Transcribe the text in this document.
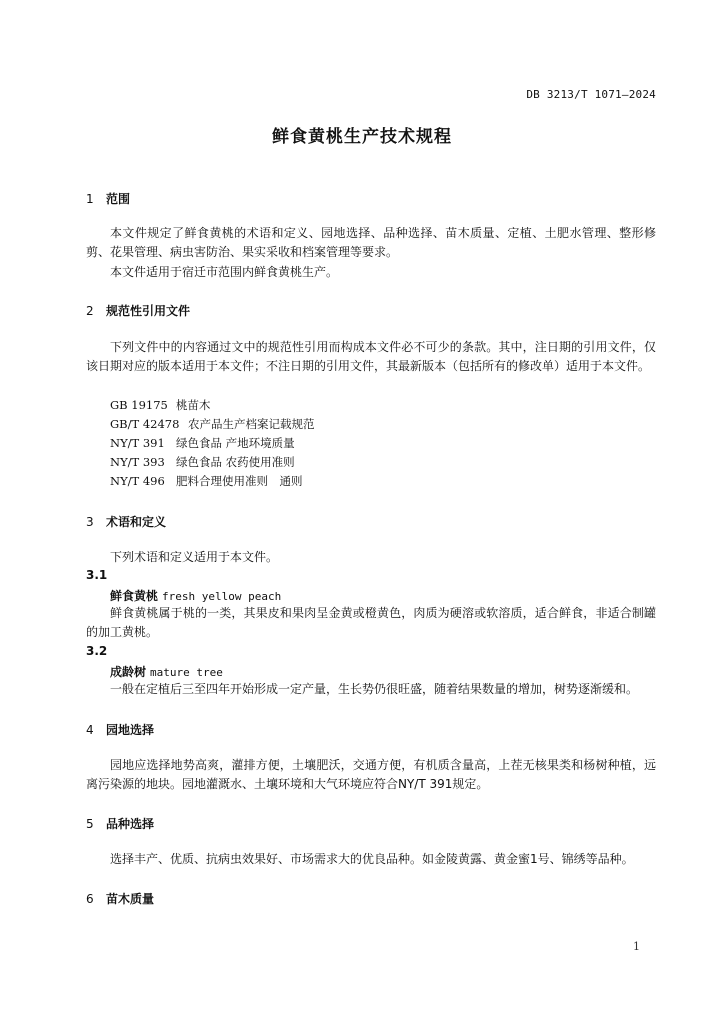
DB 3213/T 1071—2024
鲜食黄桃生产技术规程
1 范围
本文件规定了鲜食黄桃的术语和定义、园地选择、品种选择、苗木质量、定植、土肥水管理、整形修剪、花果管理、病虫害防治、果实采收和档案管理等要求。
本文件适用于宿迁市范围内鲜食黄桃生产。
2 规范性引用文件
下列文件中的内容通过文中的规范性引用而构成本文件必不可少的条款。其中，注日期的引用文件，仅该日期对应的版本适用于本文件；不注日期的引用文件，其最新版本（包括所有的修改单）适用于本文件。
GB 19175 桃苗木
GB/T 42478 农产品生产档案记载规范
NY/T 391 绿色食品 产地环境质量
NY/T 393 绿色食品 农药使用准则
NY/T 496 肥料合理使用准则　通则
3 术语和定义
下列术语和定义适用于本文件。
3.1
鲜食黄桃 fresh yellow peach
鲜食黄桃属于桃的一类，其果皮和果肉呈金黄或橙黄色，肉质为硬溶或软溶质，适合鲜食，非适合制罐的加工黄桃。
3.2
成龄树 mature tree
一般在定植后三至四年开始形成一定产量，生长势仍很旺盛，随着结果数量的增加，树势逐渐缓和。
4 园地选择
园地应选择地势高爽，灌排方便，土壤肥沃，交通方便，有机质含量高，上茬无核果类和杨树种植，远离污染源的地块。园地灌溉水、土壤环境和大气环境应符合NY/T 391规定。
5 品种选择
选择丰产、优质、抗病虫效果好、市场需求大的优良品种。如金陵黄露、黄金蜜1号、锦绣等品种。
6 苗木质量
1
